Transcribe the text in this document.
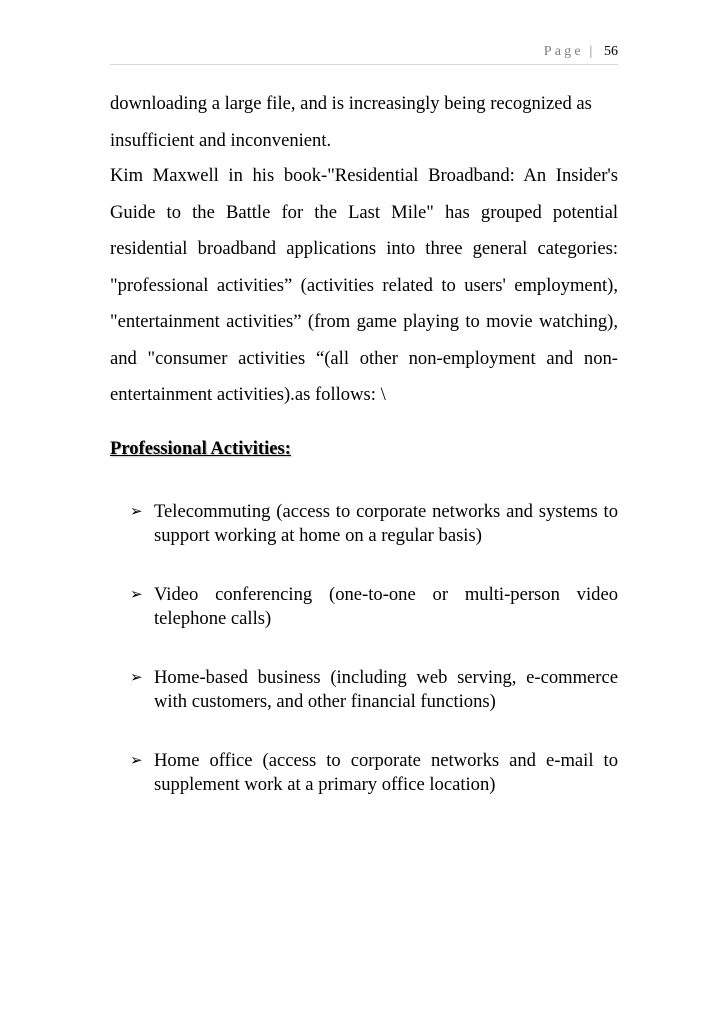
Page | 56

downloading a large file, and is increasingly being recognized as insufficient and inconvenient.

Kim Maxwell in his book-"Residential Broadband: An Insider's Guide to the Battle for the Last Mile" has grouped potential residential broadband applications into three general categories: "professional activities” (activities related to users' employment), "entertainment activities” (from game playing to movie watching), and "consumer activities “(all other non-employment and non-entertainment activities).as follows: \

Professional Activities:
➢ Telecommuting (access to corporate networks and systems to support working at home on a regular basis)
➢ Video conferencing (one-to-one or multi-person video telephone calls)
➢ Home-based business (including web serving, e-commerce with customers, and other financial functions)
➢ Home office (access to corporate networks and e-mail to supplement work at a primary office location)
